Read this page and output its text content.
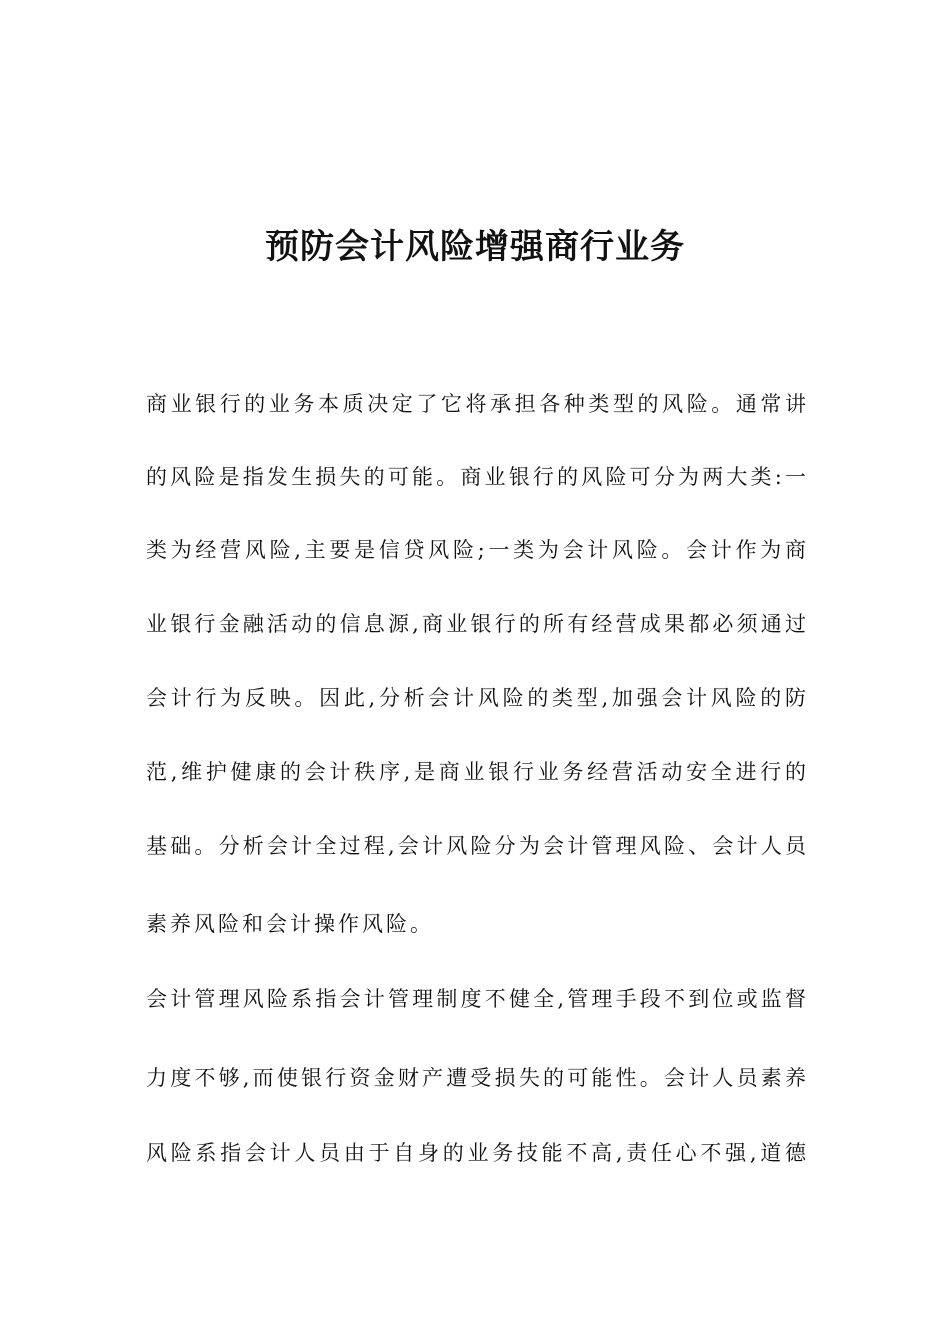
预防会计风险增强商行业务
商业银行的业务本质决定了它将承担各种类型的风险。通常讲
的风险是指发生损失的可能。商业银行的风险可分为两大类:一
类为经营风险,主要是信贷风险;一类为会计风险。会计作为商
业银行金融活动的信息源,商业银行的所有经营成果都必须通过
会计行为反映。因此,分析会计风险的类型,加强会计风险的防
范,维护健康的会计秩序,是商业银行业务经营活动安全进行的
基础。分析会计全过程,会计风险分为会计管理风险、会计人员
素养风险和会计操作风险。
会计管理风险系指会计管理制度不健全,管理手段不到位或监督
力度不够,而使银行资金财产遭受损失的可能性。会计人员素养
风险系指会计人员由于自身的业务技能不高,责任心不强,道德
